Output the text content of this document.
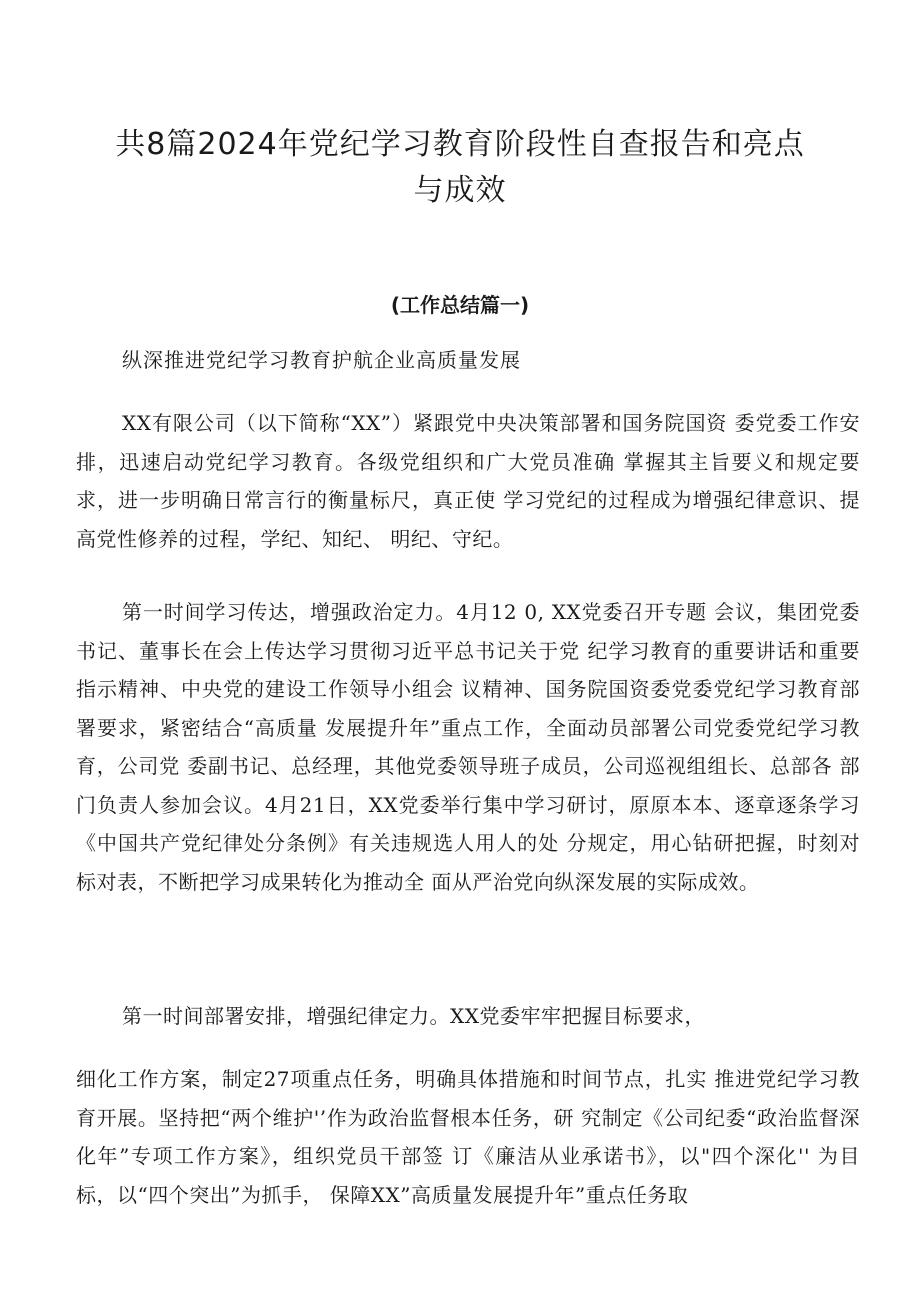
共8篇2024年党纪学习教育阶段性自查报告和亮点
与成效
(工作总结篇一)

纵深推进党纪学习教育护航企业高质量发展

XX有限公司（以下简称“XX”）紧跟党中央决策部署和国务院国资 委党委工作安排，迅速启动党纪学习教育。各级党组织和广大党员准确 掌握其主旨要义和规定要求，进一步明确日常言行的衡量标尺，真正使 学习党纪的过程成为增强纪律意识、提高党性修养的过程，学纪、知纪、 明纪、守纪。

第一时间学习传达，增强政治定力。4月12 0, XX党委召开专题 会议，集团党委书记、董事长在会上传达学习贯彻习近平总书记关于党 纪学习教育的重要讲话和重要指示精神、中央党的建设工作领导小组会 议精神、国务院国资委党委党纪学习教育部署要求，紧密结合“高质量 发展提升年”重点工作，全面动员部署公司党委党纪学习教育，公司党 委副书记、总经理，其他党委领导班子成员，公司巡视组组长、总部各 部门负责人参加会议。4月21日，XX党委举行集中学习研讨，原原本本、逐章逐条学习《中国共产党纪律处分条例》有关违规选人用人的处 分规定，用心钻研把握，时刻对标对表，不断把学习成果转化为推动全 面从严治党向纵深发展的实际成效。

第一时间部署安排，增强纪律定力。XX党委牢牢把握目标要求，

细化工作方案，制定27项重点任务，明确具体措施和时间节点，扎实 推进党纪学习教育开展。坚持把“两个维护'’作为政治监督根本任务，研 究制定《公司纪委“政治监督深化年”专项工作方案》，组织党员干部签 订《廉洁从业承诺书》，以"四个深化'' 为目标，以“四个突出”为抓手， 保障XX”高质量发展提升年”重点任务取
